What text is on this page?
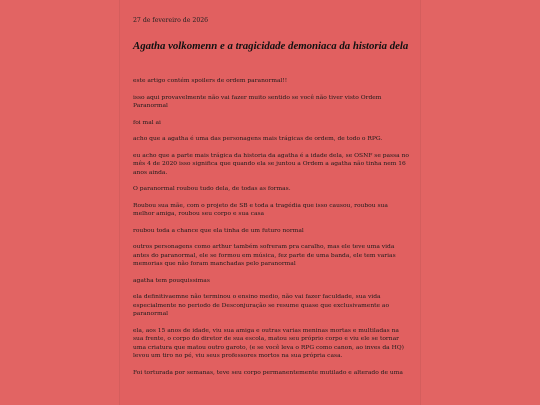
27 de fevereiro de 2026
Agatha volkomenn e a tragicidade demoniaca da historia dela

este artigo contém spoilers de ordem paranormal!!

isso aqui provavelmente não vai fazer muito sentido se você não tiver visto Ordem Paranormal

foi mal ai

acho que a agatha é uma das personagens mais trágicas de ordem, de todo o RPG.

eu acho que a parte mais trágica da historia da agatha é a idade dela, se OSNF se passa no mês 4 de 2020 isso significa que quando ela se juntou a Ordem a agatha não tinha nem 16 anos ainda.

O paranormal roubou tudo dela, de todas as formas.

Roubou sua mãe, com o projeto de SB e toda a tragédia que isso causou, roubou sua melhor amiga, roubou seu corpo e sua casa

roubou toda a chance que ela tinha de um futuro normal

outros personagens como arthur também sofreram pra caralho, mas ele teve uma vida antes do paranormal, ele se formou em música, fez parte de uma banda, ele tem varias memorias que não foram manchadas pelo paranormal

agatha tem pouquissimas

ela definitivaemne não terminou o ensino medio, não vai fazer faculdade, sua vida especialmente no periodo de Desconjuração se resume quase que exclusivamente ao paranormal

ela, aos 15 anos de idade, viu sua amiga e outras varias meninas mortas e multiladas na sua frente, o corpo do diretor de sua escola, matou seu próprio corpo e viu ele se tornar uma criatura que matou outro garoto, (e se você leva o RPG como canon, ao inves da HQ) levou um tiro no pé, viu seus professores mortos na sua própria casa.

Foi torturada por semanas, teve seu corpo permanentemente mutilado e alterado de uma
